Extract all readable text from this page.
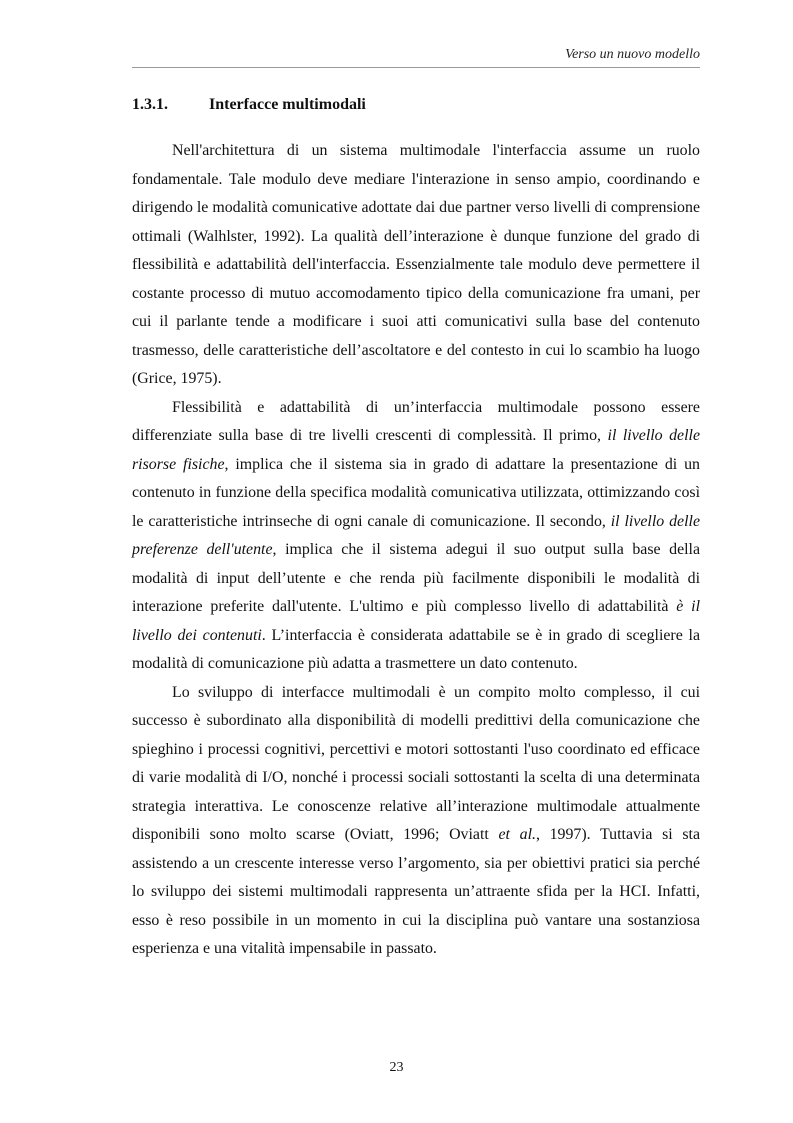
Verso un nuovo modello
1.3.1.	Interfacce multimodali

Nell'architettura di un sistema multimodale l'interfaccia assume un ruolo fondamentale. Tale modulo deve mediare l'interazione in senso ampio, coordinando e dirigendo le modalità comunicative adottate dai due partner verso livelli di comprensione ottimali (Walhlster, 1992). La qualità dell’interazione è dunque funzione del grado di flessibilità e adattabilità dell'interfaccia. Essenzialmente tale modulo deve permettere il costante processo di mutuo accomodamento tipico della comunicazione fra umani, per cui il parlante tende a modificare i suoi atti comunicativi sulla base del contenuto trasmesso, delle caratteristiche dell’ascoltatore e del contesto in cui lo scambio ha luogo (Grice, 1975).

Flessibilità e adattabilità di un’interfaccia multimodale possono essere differenziate sulla base di tre livelli crescenti di complessità. Il primo, il livello delle risorse fisiche, implica che il sistema sia in grado di adattare la presentazione di un contenuto in funzione della specifica modalità comunicativa utilizzata, ottimizzando così le caratteristiche intrinseche di ogni canale di comunicazione. Il secondo, il livello delle preferenze dell'utente, implica che il sistema adegui il suo output sulla base della modalità di input dell’utente e che renda più facilmente disponibili le modalità di interazione preferite dall'utente. L'ultimo e più complesso livello di adattabilità è il livello dei contenuti. L’interfaccia è considerata adattabile se è in grado di scegliere la modalità di comunicazione più adatta a trasmettere un dato contenuto.

Lo sviluppo di interfacce multimodali è un compito molto complesso, il cui successo è subordinato alla disponibilità di modelli predittivi della comunicazione che spieghino i processi cognitivi, percettivi e motori sottostanti l'uso coordinato ed efficace di varie modalità di I/O, nonché i processi sociali sottostanti la scelta di una determinata strategia interattiva. Le conoscenze relative all’interazione multimodale attualmente disponibili sono molto scarse (Oviatt, 1996; Oviatt et al., 1997). Tuttavia si sta assistendo a un crescente interesse verso l’argomento, sia per obiettivi pratici sia perché lo sviluppo dei sistemi multimodali rappresenta un’attraente sfida per la HCI. Infatti, esso è reso possibile in un momento in cui la disciplina può vantare una sostanziosa esperienza e una vitalità impensabile in passato.

23
